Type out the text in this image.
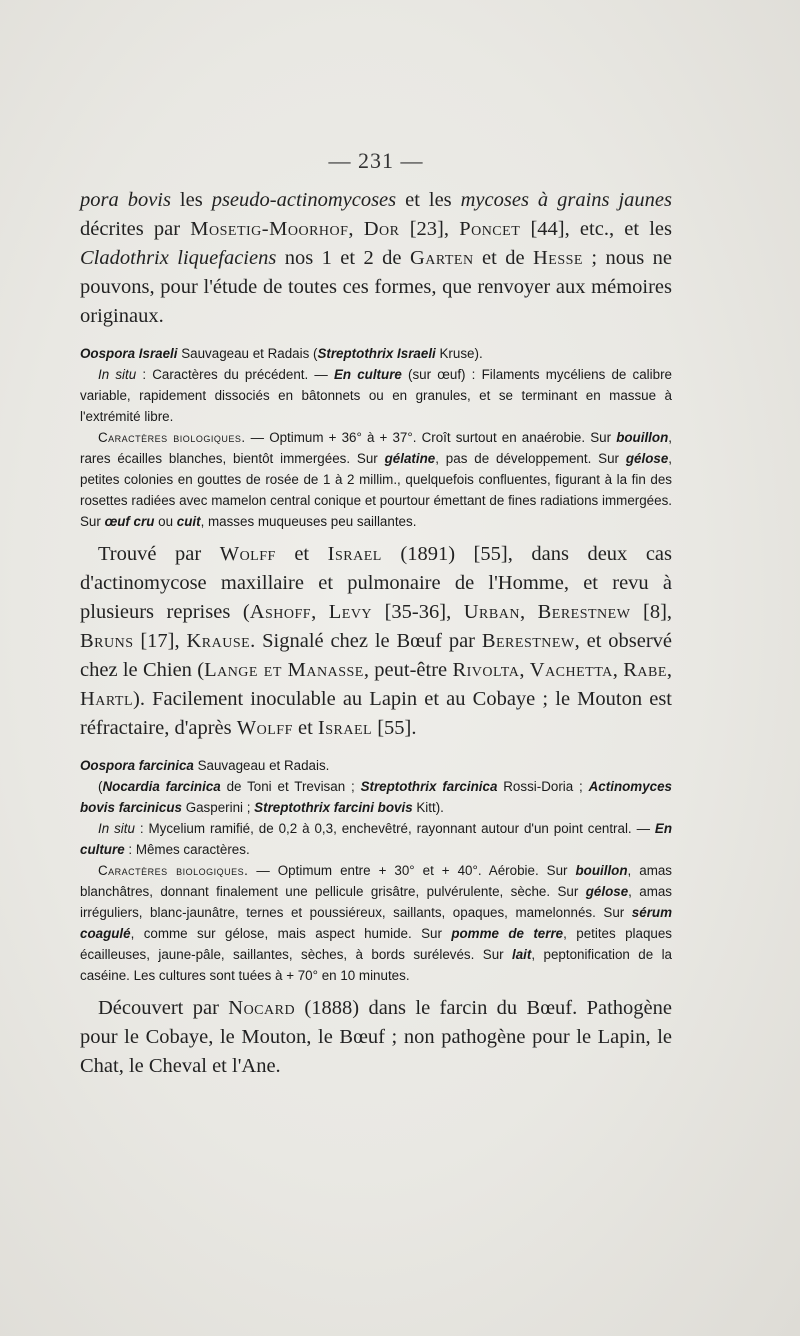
— 231 —

pora bovis les pseudo-actinomycoses et les mycoses à grains jaunes décrites par Mosetig-Moorhof, Dor [23], Poncet [44], etc., et les Cladothrix liquefaciens nos 1 et 2 de Garten et de Hesse ; nous ne pouvons, pour l'étude de toutes ces formes, que renvoyer aux mémoires originaux.

Oospora Israeli Sauvageau et Radais (Streptothrix Israeli Kruse).

In situ : Caractères du précédent. — En culture (sur œuf) : Filaments mycéliens de calibre variable, rapidement dissociés en bâtonnets ou en granules, et se terminant en massue à l'extrémité libre.

Caractères biologiques. — Optimum + 36° à + 37°. Croît surtout en anaérobie. Sur bouillon, rares écailles blanches, bientôt immergées. Sur gélatine, pas de développement. Sur gélose, petites colonies en gouttes de rosée de 1 à 2 millim., quelquefois confluentes, figurant à la fin des rosettes radiées avec mamelon central conique et pourtour émettant de fines radiations immergées. Sur œuf cru ou cuit, masses muqueuses peu saillantes.

Trouvé par Wolff et Israel (1891) [55], dans deux cas d'actinomycose maxillaire et pulmonaire de l'Homme, et revu à plusieurs reprises (Ashoff, Levy [35-36], Urban, Berestnew [8], Bruns [17], Krause. Signalé chez le Bœuf par Berestnew, et observé chez le Chien (Lange et Manasse, peut-être Rivolta, Vachetta, Rabe, Hartl). Facilement inoculable au Lapin et au Cobaye ; le Mouton est réfractaire, d'après Wolff et Israel [55].

Oospora farcinica Sauvageau et Radais.

(Nocardia farcinica de Toni et Trevisan ; Streptothrix farcinica Rossi-Doria ; Actinomyces bovis farcinicus Gasperini ; Streptothrix farcini bovis Kitt).

In situ : Mycelium ramifié, de 0,2 à 0,3, enchevêtré, rayonnant autour d'un point central. — En culture : Mêmes caractères.

Caractères biologiques. — Optimum entre + 30° et + 40°. Aérobie. Sur bouillon, amas blanchâtres, donnant finalement une pellicule grisâtre, pulvérulente, sèche. Sur gélose, amas irréguliers, blanc-jaunâtre, ternes et poussiéreux, saillants, opaques, mamelonnés. Sur sérum coagulé, comme sur gélose, mais aspect humide. Sur pomme de terre, petites plaques écailleuses, jaune-pâle, saillantes, sèches, à bords surélevés. Sur lait, peptonification de la caséine. Les cultures sont tuées à + 70° en 10 minutes.

Découvert par Nocard (1888) dans le farcin du Bœuf. Pathogène pour le Cobaye, le Mouton, le Bœuf ; non pathogène pour le Lapin, le Chat, le Cheval et l'Ane.
